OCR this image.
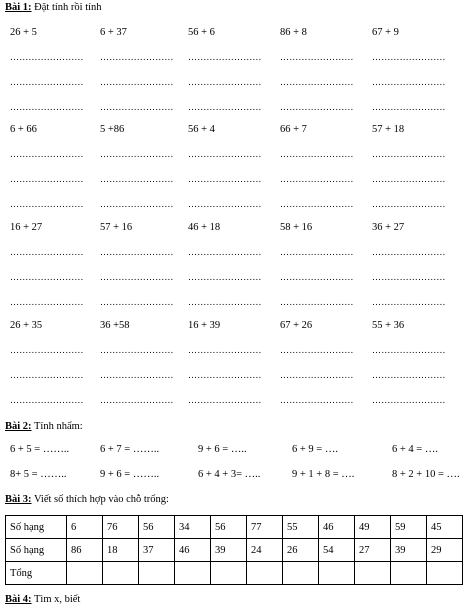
Bài 1: Đặt tính rồi tính
26 + 5
……………………
……………………
……………………
6 + 37
……………………
……………………
……………………
56 + 6
……………………
……………………
……………………
86 + 8
……………………
……………………
……………………
67 + 9
……………………
……………………
……………………
6 + 66
……………………
……………………
……………………
5 +86
……………………
……………………
……………………
56 + 4
……………………
……………………
……………………
66 + 7
……………………
……………………
……………………
57 + 18
……………………
……………………
……………………
16 + 27
……………………
……………………
……………………
57 + 16
……………………
……………………
……………………
46 + 18
……………………
……………………
……………………
58 + 16
……………………
……………………
……………………
36 + 27
……………………
……………………
……………………
26 + 35
……………………
……………………
……………………
36 +58
……………………
……………………
……………………
16 + 39
……………………
……………………
……………………
67 + 26
……………………
……………………
……………………
55 + 36
……………………
……………………
……………………
Bài 2: Tính nhẩm:
6 + 5 = ……..	6 + 7 = ……..	9 + 6 = …..	6 + 9 = ….	6 + 4 = ….
8+ 5 = ……..	9 + 6 = ……..	6 + 4 + 3= …..	9 + 1 + 8 = ….	8 + 2 + 10 = ….
Bài 3: Viết số thích hợp vào chỗ trống:
Số hạng	6	76	56	34	56	77	55	46	49	59	45
Số hạng	86	18	37	46	39	24	26	54	27	39	29
Tổng											
Bài 4: Tìm x, biết
